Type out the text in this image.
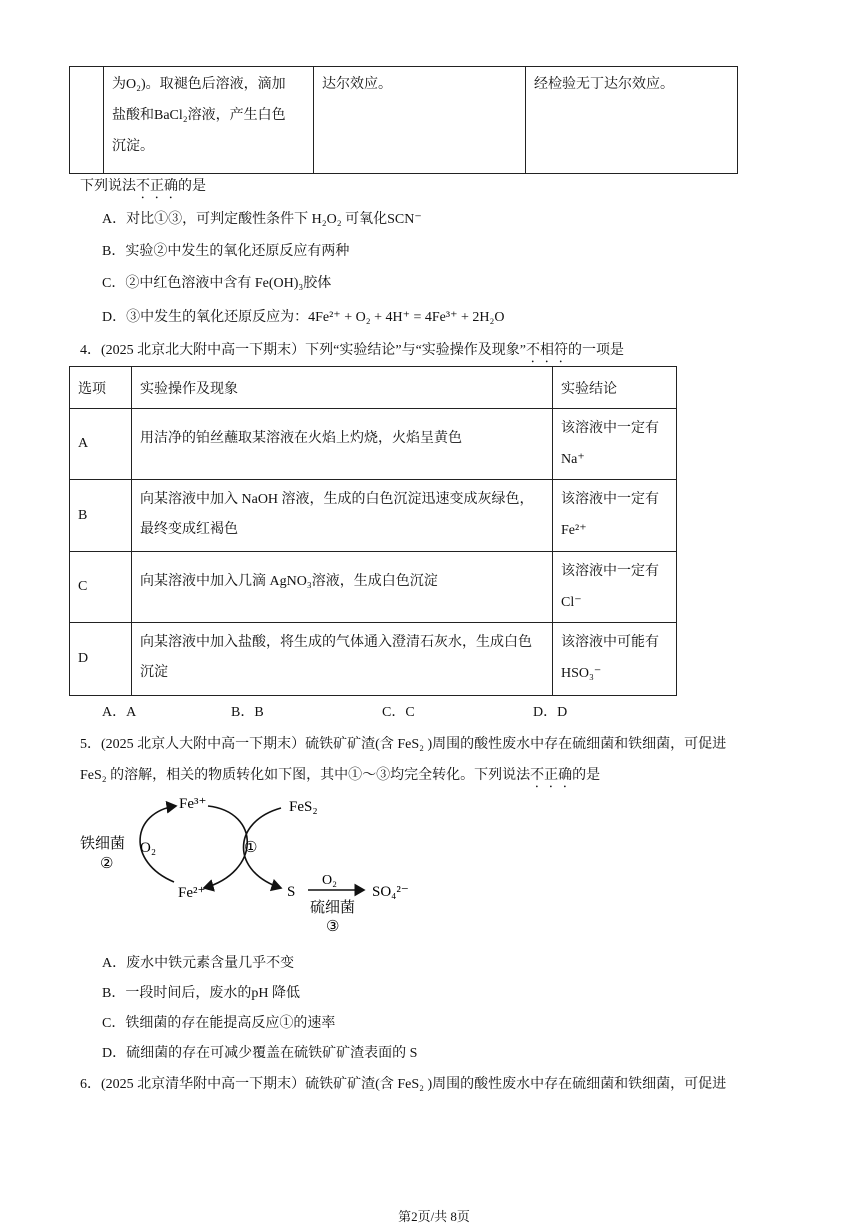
为O₂)。取褪色后溶液，滴加
盐酸和BaCl₂溶液，产生白色
沉淀。

达尔效应。	经检验无丁达尔效应。
下列说法不正确的是
A．对比①③，可判定酸性条件下 H₂O₂ 可氧化SCN⁻
B．实验②中发生的氧化还原反应有两种
C．②中红色溶液中含有 Fe(OH)₃胶体
D．③中发生的氧化还原反应为：4Fe²⁺ + O₂ + 4H⁺ = 4Fe³⁺ + 2H₂O
4．(2025 北京北大附中高一下期末）下列“实验结论”与“实验操作及现象”不相符的一项是
选项	实验操作及现象	实验结论
A	用洁净的铂丝蘸取某溶液在火焰上灼烧，火焰呈黄色	该溶液中一定有
Na⁺

B	向某溶液中加入 NaOH 溶液，生成的白色沉淀迅速变成灰绿色，最终变成红褐色	该溶液中一定有
Fe²⁺

C	向某溶液中加入几滴 AgNO₃溶液，生成白色沉淀	该溶液中一定有
Cl⁻

D	向某溶液中加入盐酸，将生成的气体通入澄清石灰水，生成白色沉淀	该溶液中可能有
HSO₃⁻
A．A	B．B	C．C	D．D
5．(2025 北京人大附中高一下期末）硫铁矿矿渣(含 FeS₂ )周围的酸性废水中存在硫细菌和铁细菌，可促进
FeS₂ 的溶解，相关的物质转化如下图，其中①～③均完全转化。下列说法不正确的是
Fe³⁺	FeS₂
Fe²⁺	S	SO₄²⁻
铁细菌
②
O₂	①
O₂
硫细菌
③
A．废水中铁元素含量几乎不变
B．一段时间后，废水的pH 降低
C．铁细菌的存在能提高反应①的速率
D．硫细菌的存在可减少覆盖在硫铁矿矿渣表面的 S
6．(2025 北京清华附中高一下期末）硫铁矿矿渣(含 FeS₂ )周围的酸性废水中存在硫细菌和铁细菌，可促进
第2页/共 8页
